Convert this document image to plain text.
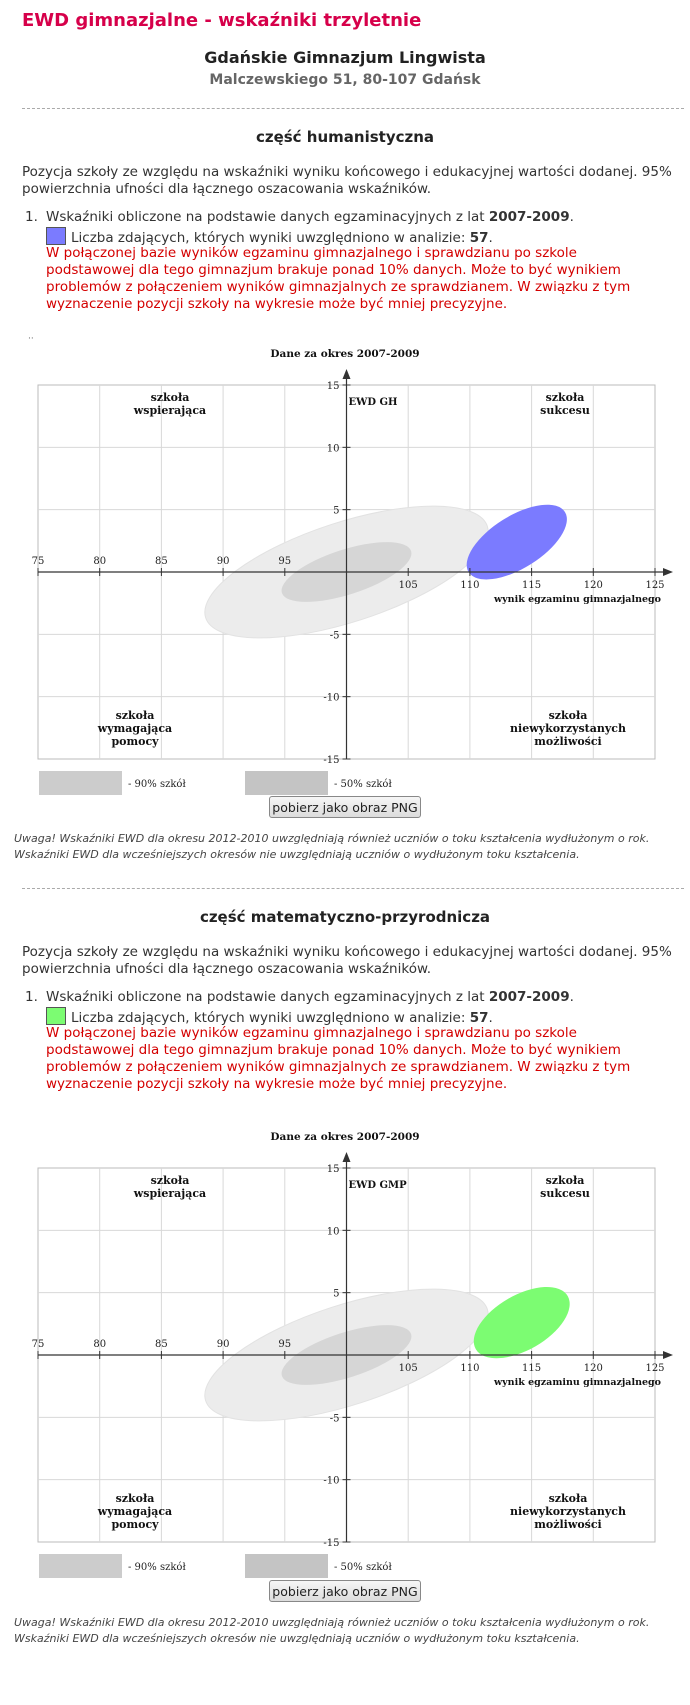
EWD gimnazjalne - wskaźniki trzyletnie
Gdańskie Gimnazjum Lingwista
Malczewskiego 51, 80-107 Gdańsk
część humanistyczna
Pozycja szkoły ze względu na wskaźniki wyniku końcowego i edukacyjnej wartości dodanej. 95% powierzchnia ufności dla łącznego oszacowania wskaźników.
1. Wskaźniki obliczone na podstawie danych egzaminacyjnych z lat 2007-2009.
Liczba zdających, których wyniki uwzględniono w analizie: 57.
W połączonej bazie wyników egzaminu gimnazjalnego i sprawdzianu po szkole podstawowej dla tego gimnazjum brakuje ponad 10% danych. Może to być wynikiem problemów z połączeniem wyników gimnazjalnych ze sprawdzianem. W związku z tym wyznaczenie pozycji szkoły na wykresie może być mniej precyzyjne.
··
Dane za okres 2007-2009
75	80	85	90	95
105	110	115	120	125
15
10
5
-5
-10
-15
EWD GH
wynik egzaminu gimnazjalnego
szkoła wspierająca
szkoła sukcesu
szkoła wymagająca pomocy
szkoła niewykorzystanych możliwości
- 90% szkół	- 50% szkół
pobierz jako obraz PNG
Uwaga! Wskaźniki EWD dla okresu 2012-2010 uwzględniają również uczniów o toku kształcenia wydłużonym o rok.
Wskaźniki EWD dla wcześniejszych okresów nie uwzględniają uczniów o wydłużonym toku kształcenia.
część matematyczno-przyrodnicza
Pozycja szkoły ze względu na wskaźniki wyniku końcowego i edukacyjnej wartości dodanej. 95% powierzchnia ufności dla łącznego oszacowania wskaźników.
1. Wskaźniki obliczone na podstawie danych egzaminacyjnych z lat 2007-2009.
Liczba zdających, których wyniki uwzględniono w analizie: 57.
W połączonej bazie wyników egzaminu gimnazjalnego i sprawdzianu po szkole podstawowej dla tego gimnazjum brakuje ponad 10% danych. Może to być wynikiem problemów z połączeniem wyników gimnazjalnych ze sprawdzianem. W związku z tym wyznaczenie pozycji szkoły na wykresie może być mniej precyzyjne.
Dane za okres 2007-2009
75	80	85	90	95
105	110	115	120	125
15
10
5
-5
-10
-15
EWD GMP
wynik egzaminu gimnazjalnego
szkoła wspierająca
szkoła sukcesu
szkoła wymagająca pomocy
szkoła niewykorzystanych możliwości
- 90% szkół	- 50% szkół
pobierz jako obraz PNG
Uwaga! Wskaźniki EWD dla okresu 2012-2010 uwzględniają również uczniów o toku kształcenia wydłużonym o rok.
Wskaźniki EWD dla wcześniejszych okresów nie uwzględniają uczniów o wydłużonym toku kształcenia.
